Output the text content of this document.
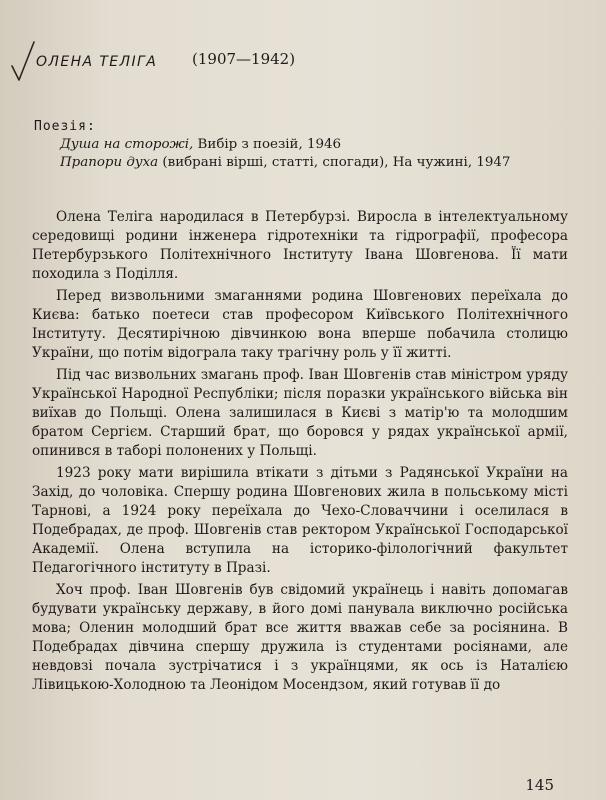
ОЛЕНА ТЕЛІГА (1907—1942)
Поезія:
Душа на сторожі, Вибір з поезій, 1946
Прапори духа (вибрані вірші, статті, спогади), На чужині, 1947

Олена Теліга народилася в Петербурзі. Виросла в інтелектуальному середовищі родини інженера гідротехніки та гідрографії, професора Петербурзького Політехнічного Інституту Івана Шовгенова. Її мати походила з Поділля.

Перед визвольними змаганнями родина Шовгенових переїхала до Києва: батько поетеси став професором Київського Політехнічного Інституту. Десятирічною дівчинкою вона вперше побачила столицю України, що потім відограла таку трагічну роль у її житті.

Під час визвольних змагань проф. Іван Шовгенів став міністром уряду Української Народної Республіки; після поразки українського війська він виїхав до Польщі. Олена залишилася в Києві з матір'ю та молодшим братом Сергієм. Старший брат, що боровся у рядах української армії, опинився в таборі полонених у Польщі.

1923 року мати вирішила втікати з дітьми з Радянської України на Захід, до чоловіка. Спершу родина Шовгенових жила в польському місті Тарнові, а 1924 року переїхала до Чехо-Словаччини і оселилася в Подебрадах, де проф. Шовгенів став ректором Української Господарської Академії. Олена вступила на історико-філологічний факультет Педагогічного інституту в Празі.

Хоч проф. Іван Шовгенів був свідомий українець і навіть допомагав будувати українську державу, в його домі панувала виключно російська мова; Оленин молодший брат все життя вважав себе за росіянина. В Подебрадах дівчина спершу дружила із студентами росіянами, але невдовзі почала зустрічатися і з українцями, як ось із Наталією Лівицькою-Холодною та Леонідом Мосендзом, який готував її до

145
